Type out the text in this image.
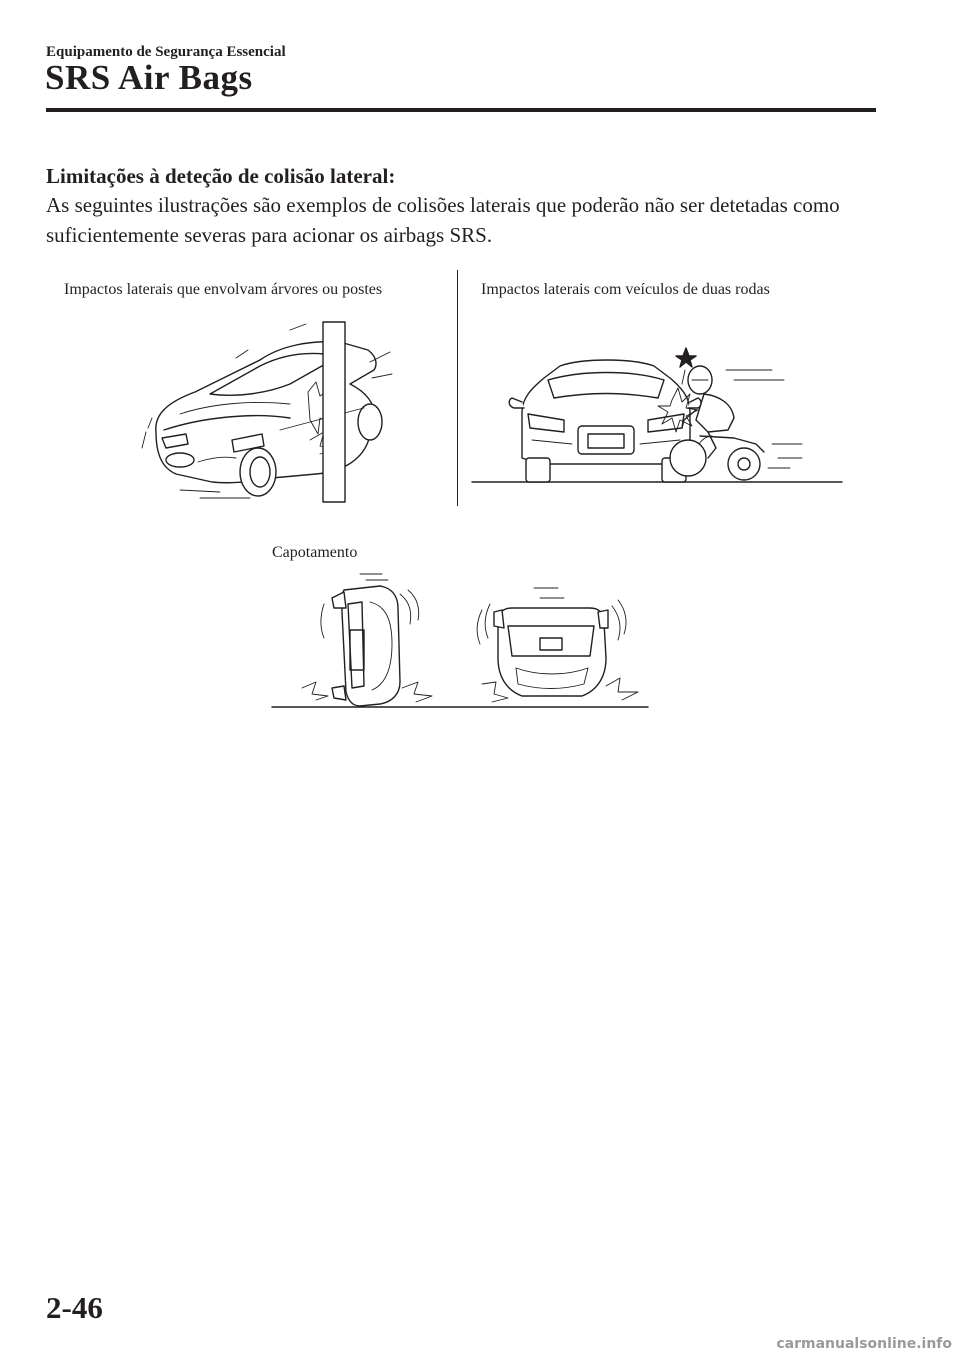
Equipamento de Segurança Essencial
SRS Air Bags
Limitações à deteção de colisão lateral:
As seguintes ilustrações são exemplos de colisões laterais que poderão não ser detetadas como suficientemente severas para acionar os airbags SRS.
Impactos laterais que envolvam árvores ou postes	Impactos laterais com veículos de duas rodas
Capotamento
2-46
carmanualsonline.info
